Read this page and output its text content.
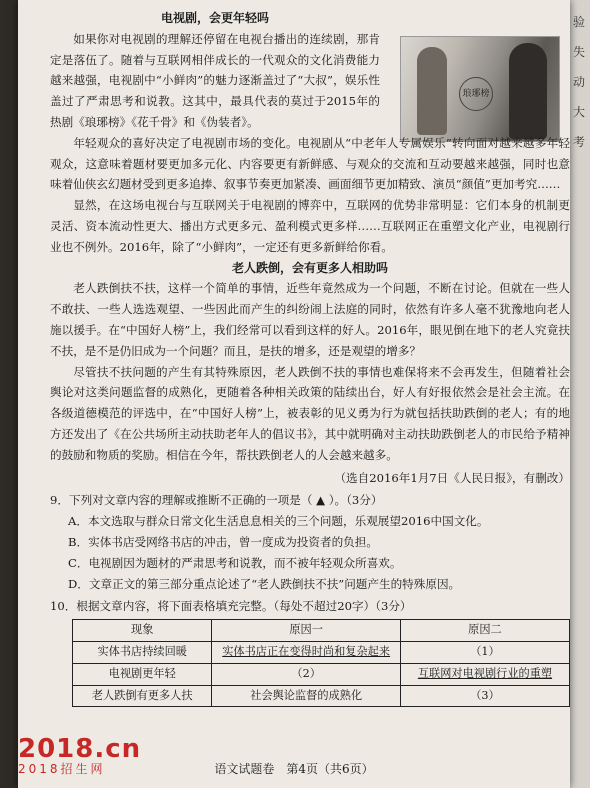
验
失
动
大
考
琅琊榜
电视剧，会更年轻吗

如果你对电视剧的理解还停留在电视台播出的连续剧，那肯定是落伍了。随着与互联网相伴成长的一代观众的文化消费能力越来越强，电视剧中“小鲜肉”的魅力逐渐盖过了“大叔”，娱乐性盖过了严肃思考和说教。这其中，最具代表的莫过于2015年的热剧《琅琊榜》《花千骨》和《伪装者》。

年轻观众的喜好决定了电视剧市场的变化。电视剧从“中老年人专属娱乐”转向面对越来越多年轻观众，这意味着题材要更加多元化、内容要更有新鲜感、与观众的交流和互动要越来越强，同时也意味着仙侠玄幻题材受到更多追捧、叙事节奏更加紧凑、画面细节更加精致、演员“颜值”更加考究……

显然，在这场电视台与互联网关于电视剧的博弈中，互联网的优势非常明显：它们本身的机制更灵活、资本流动性更大、播出方式更多元、盈利模式更多样……互联网正在重塑文化产业，电视剧行业也不例外。2016年，除了“小鲜肉”，一定还有更多新鲜给你看。

老人跌倒，会有更多人相助吗

老人跌倒扶不扶，这样一个简单的事情，近些年竟然成为一个问题，不断在讨论。但就在一些人不敢扶、一些人选选观望、一些因此而产生的纠纷闹上法庭的同时，依然有许多人毫不犹豫地向老人施以援手。在“中国好人榜”上，我们经常可以看到这样的好人。2016年，眼见倒在地下的老人究竟扶不扶，是不是仍旧成为一个问题？而且，是扶的增多，还是观望的增多？

尽管扶不扶问题的产生有其特殊原因，老人跌倒不扶的事情也难保将来不会再发生，但随着社会舆论对这类问题监督的成熟化，更随着各种相关政策的陆续出台，好人有好报依然会是社会主流。在各级道德模范的评选中，在“中国好人榜”上，被表彰的见义勇为行为就包括扶助跌倒的老人；有的地方还发出了《在公共场所主动扶助老年人的倡议书》，其中就明确对主动扶助跌倒老人的市民给予精神的鼓励和物质的奖励。相信在今年，帮扶跌倒老人的人会越来越多。

（选自2016年1月7日《人民日报》，有删改）
9．下列对文章内容的理解或推断不正确的一项是（ ▲ ）。（3分）
A．本文选取与群众日常文化生活息息相关的三个问题，乐观展望2016中国文化。
B．实体书店受网络书店的冲击，曾一度成为投资者的负担。
C．电视剧因为题材的严肃思考和说教，而不被年轻观众所喜欢。
D．文章正文的第三部分重点论述了“老人跌倒扶不扶”问题产生的特殊原因。
10．根据文章内容，将下面表格填充完整。（每处不超过20字）（3分）
现象	原因一	原因二
实体书店持续回暖	实体书店正在变得时尚和复杂起来	（1）
电视剧更年轻	（2）	互联网对电视剧行业的重塑
老人跌倒有更多人扶	社会舆论监督的成熟化	（3）
语文试题卷　第4页（共6页）
2018.cn
2018招生网
